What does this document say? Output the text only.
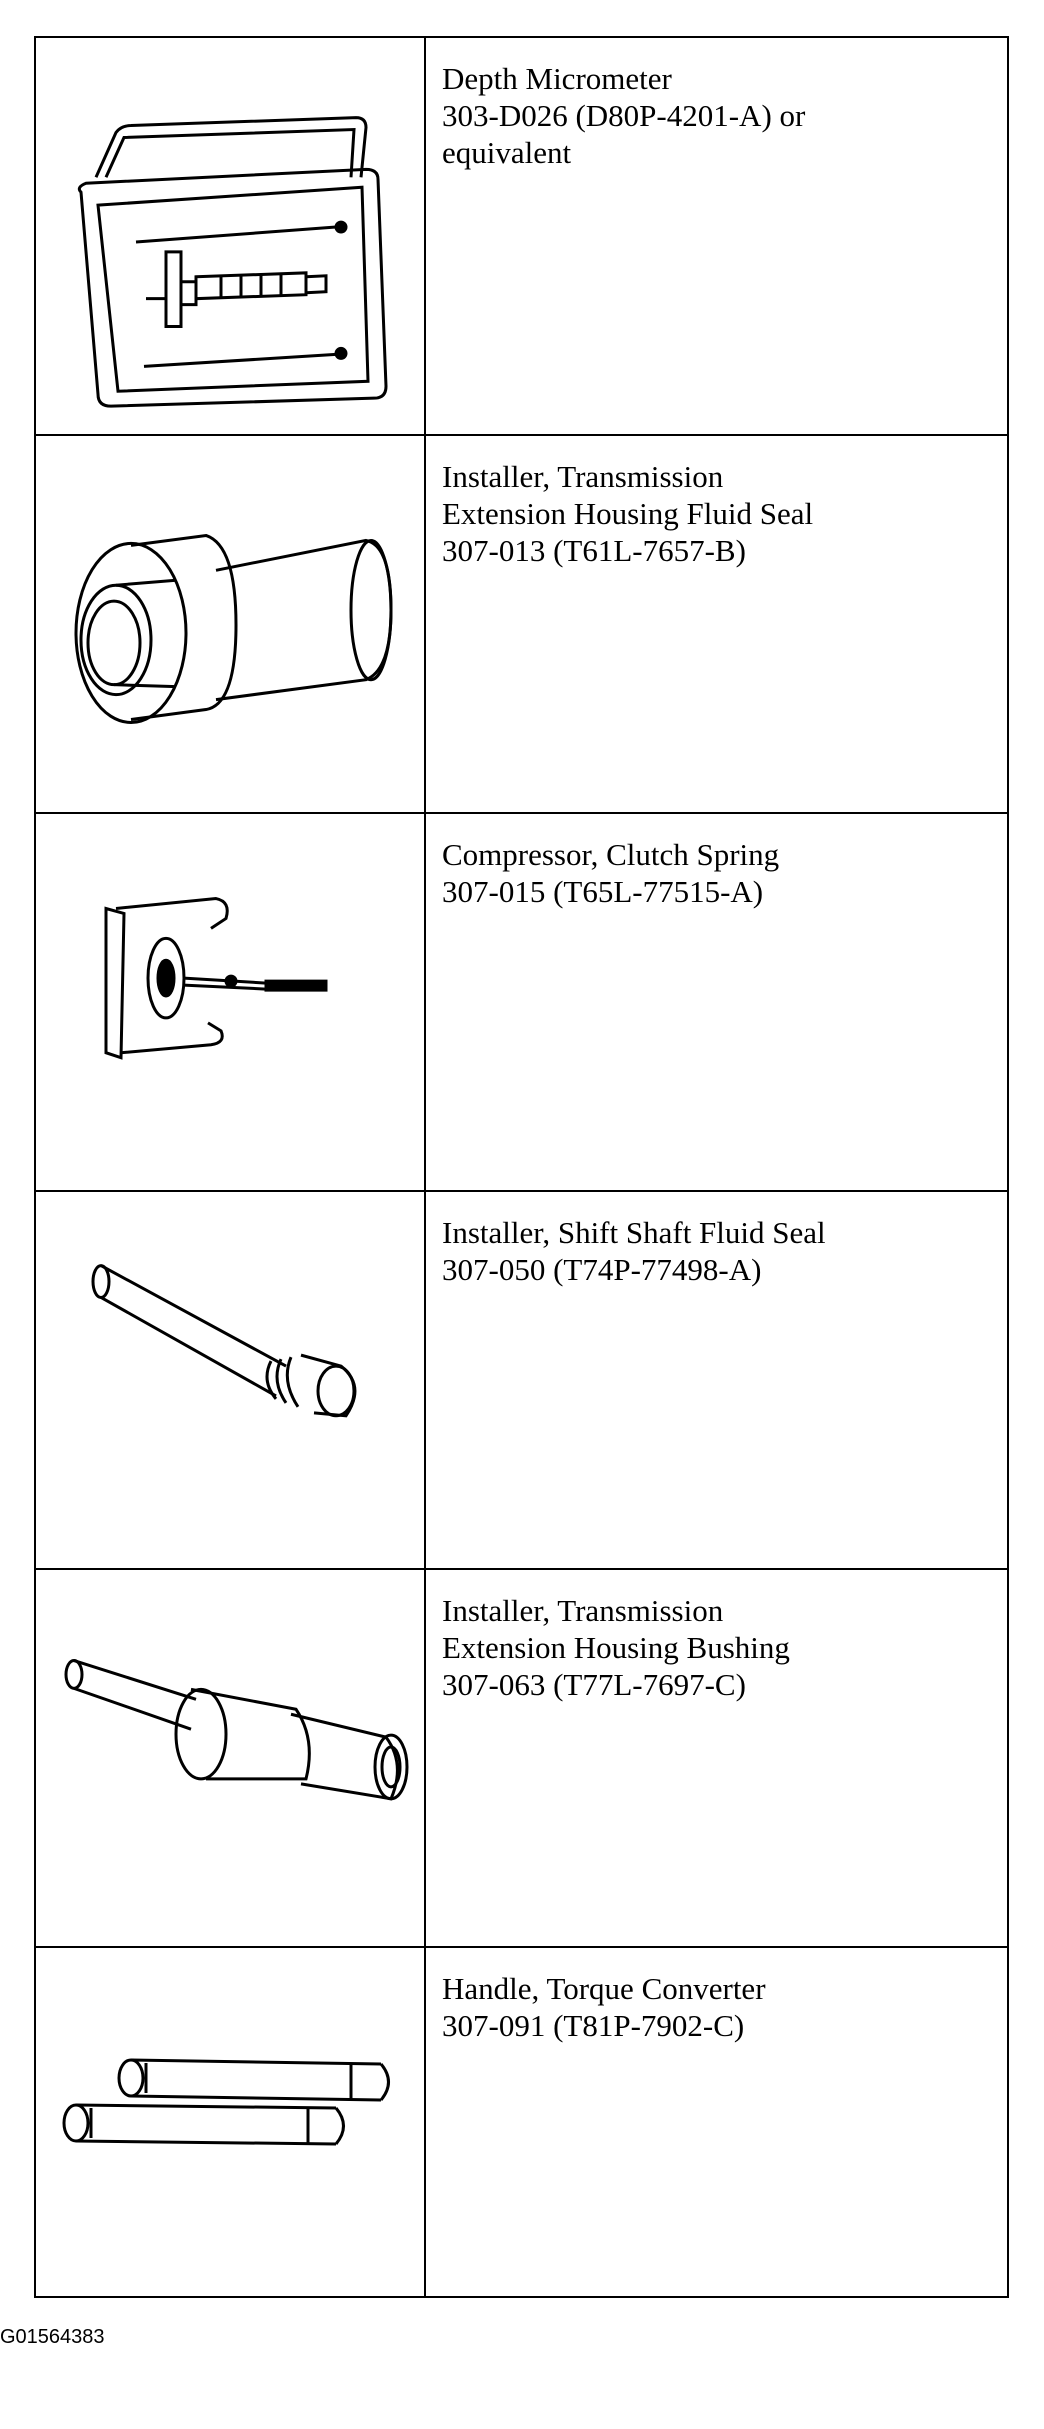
Depth Micrometer
303-D026 (D80P-4201-A) or
equivalent
Installer, Transmission
Extension Housing Fluid Seal
307-013 (T61L-7657-B)
Compressor, Clutch Spring
307-015 (T65L-77515-A)
Installer, Shift Shaft Fluid Seal
307-050 (T74P-77498-A)
Installer, Transmission
Extension Housing Bushing
307-063 (T77L-7697-C)
Handle, Torque Converter
307-091 (T81P-7902-C)
G01564383
